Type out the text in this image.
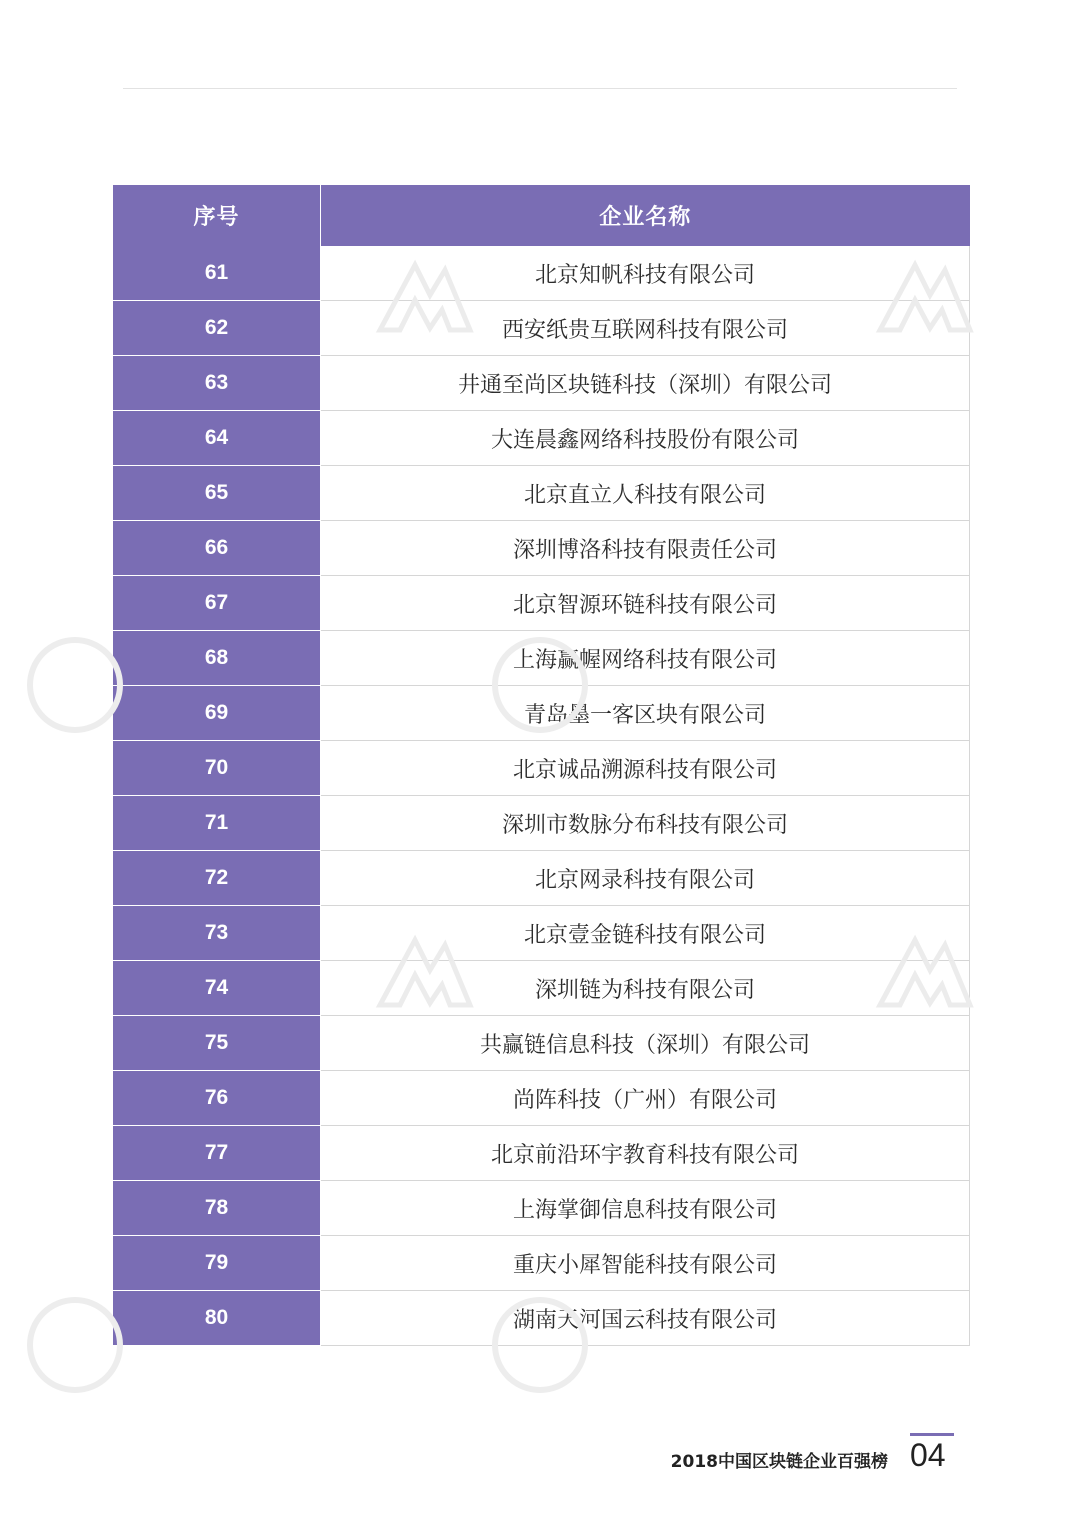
序号	企业名称
61	北京知帆科技有限公司
62	西安纸贵互联网科技有限公司
63	井通至尚区块链科技（深圳）有限公司
64	大连晨鑫网络科技股份有限公司
65	北京直立人科技有限公司
66	深圳博洛科技有限责任公司
67	北京智源环链科技有限公司
68	上海赢幄网络科技有限公司
69	青岛墨一客区块有限公司
70	北京诚品溯源科技有限公司
71	深圳市数脉分布科技有限公司
72	北京网录科技有限公司
73	北京壹金链科技有限公司
74	深圳链为科技有限公司
75	共赢链信息科技（深圳）有限公司
76	尚阵科技（广州）有限公司
77	北京前沿环宇教育科技有限公司
78	上海掌御信息科技有限公司
79	重庆小犀智能科技有限公司
80	湖南天河国云科技有限公司
2018中国区块链企业百强榜 04
